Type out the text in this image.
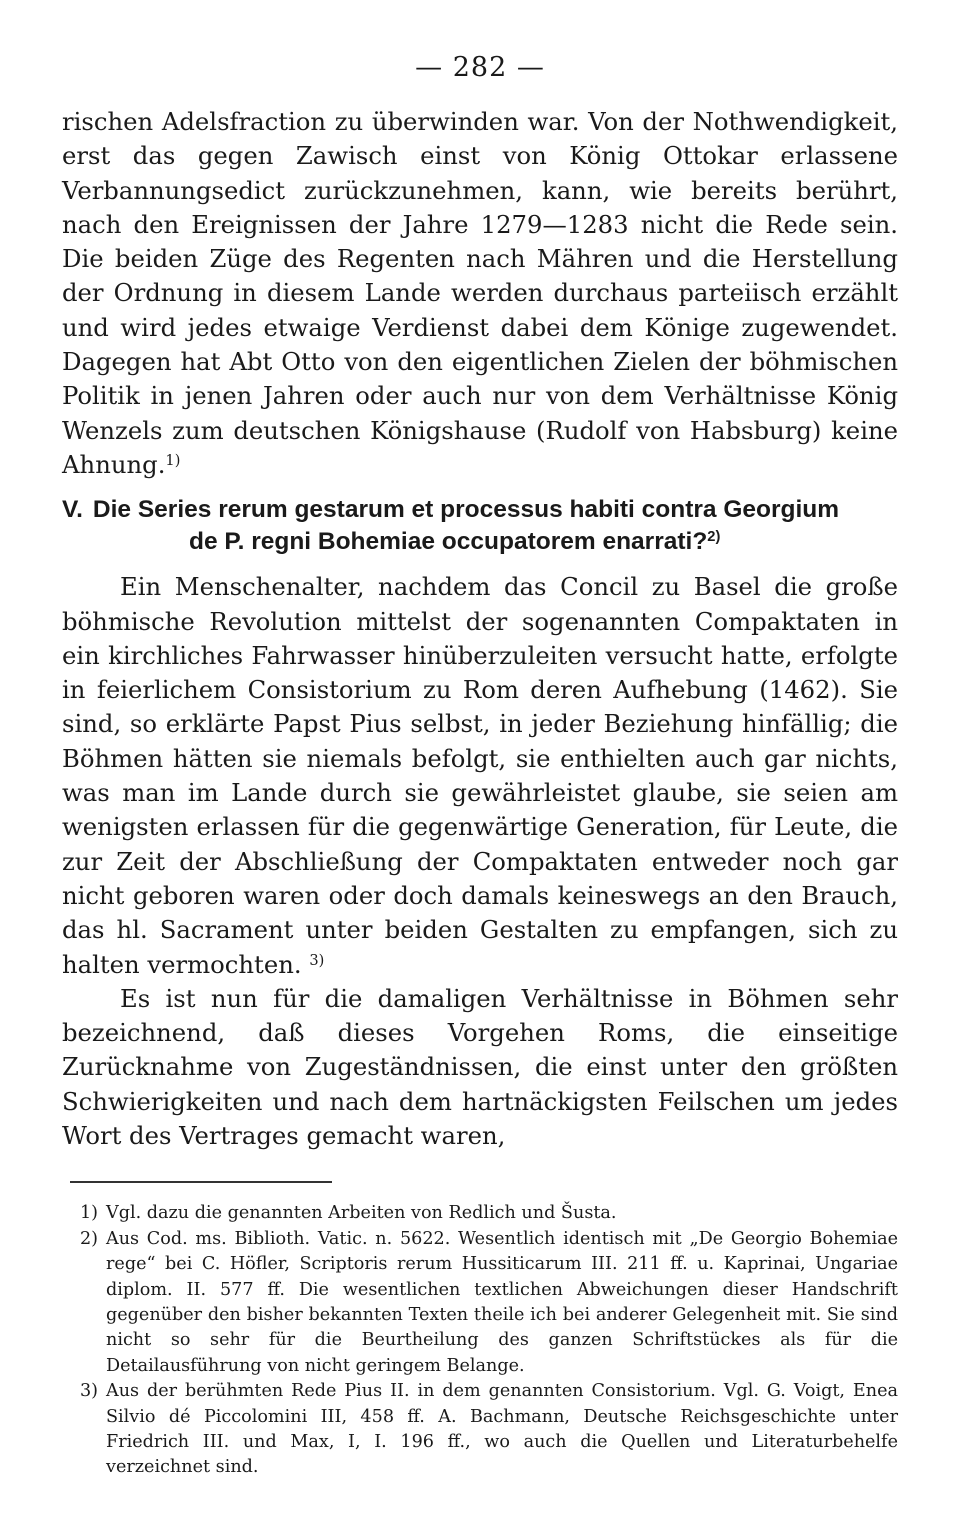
— 282 —

rischen Adelsfraction zu überwinden war. Von der Nothwendigkeit, erst das gegen Zawisch einst von König Ottokar erlassene Verbannungsedict zurückzunehmen, kann, wie bereits berührt, nach den Ereignissen der Jahre 1279—1283 nicht die Rede sein. Die beiden Züge des Regenten nach Mähren und die Herstellung der Ordnung in diesem Lande werden durchaus parteiisch erzählt und wird jedes etwaige Verdienst dabei dem Könige zugewendet. Dagegen hat Abt Otto von den eigentlichen Zielen der böhmischen Politik in jenen Jahren oder auch nur von dem Verhältnisse König Wenzels zum deutschen Königshause (Rudolf von Habsburg) keine Ahnung.$^{1)}$

V. Die Series rerum gestarum et processus habiti contra Georgium
de P. regni Bohemiae occupatorem enarrati?$^{2)}$

Ein Menschenalter, nachdem das Concil zu Basel die große böhmische Revolution mittelst der sogenannten Compaktaten in ein kirchliches Fahrwasser hinüberzuleiten versucht hatte, erfolgte in feierlichem Consistorium zu Rom deren Aufhebung (1462). Sie sind, so erklärte Papst Pius selbst, in jeder Beziehung hinfällig; die Böhmen hätten sie niemals befolgt, sie enthielten auch gar nichts, was man im Lande durch sie gewährleistet glaube, sie seien am wenigsten erlassen für die gegenwärtige Generation, für Leute, die zur Zeit der Abschließung der Compaktaten entweder noch gar nicht geboren waren oder doch damals keineswegs an den Brauch, das hl. Sacrament unter beiden Gestalten zu empfangen, sich zu halten vermochten. $^{3)}$

Es ist nun für die damaligen Verhältnisse in Böhmen sehr bezeichnend, daß dieses Vorgehen Roms, die einseitige Zurücknahme von Zugeständnissen, die einst unter den größten Schwierigkeiten und nach dem hartnäckigsten Feilschen um jedes Wort des Vertrages gemacht waren,

1) Vgl. dazu die genannten Arbeiten von Redlich und Šusta.
2) Aus Cod. ms. Biblioth. Vatic. n. 5622. Wesentlich identisch mit „De Georgio Bohemiae rege“ bei C. Höfler, Scriptoris rerum Hussiticarum III. 211 ff. u. Kaprinai, Ungariae diplom. II. 577 ff. Die wesentlichen textlichen Abweichungen dieser Handschrift gegenüber den bisher bekannten Texten theile ich bei anderer Gelegenheit mit. Sie sind nicht so sehr für die Beurtheilung des ganzen Schriftstückes als für die Detailausführung von nicht geringem Belange.
3) Aus der berühmten Rede Pius II. in dem genannten Consistorium. Vgl. G. Voigt, Enea Silvio dé Piccolomini III, 458 ff. A. Bachmann, Deutsche Reichsgeschichte unter Friedrich III. und Max, I, I. 196 ff., wo auch die Quellen und Literaturbehelfe verzeichnet sind.
